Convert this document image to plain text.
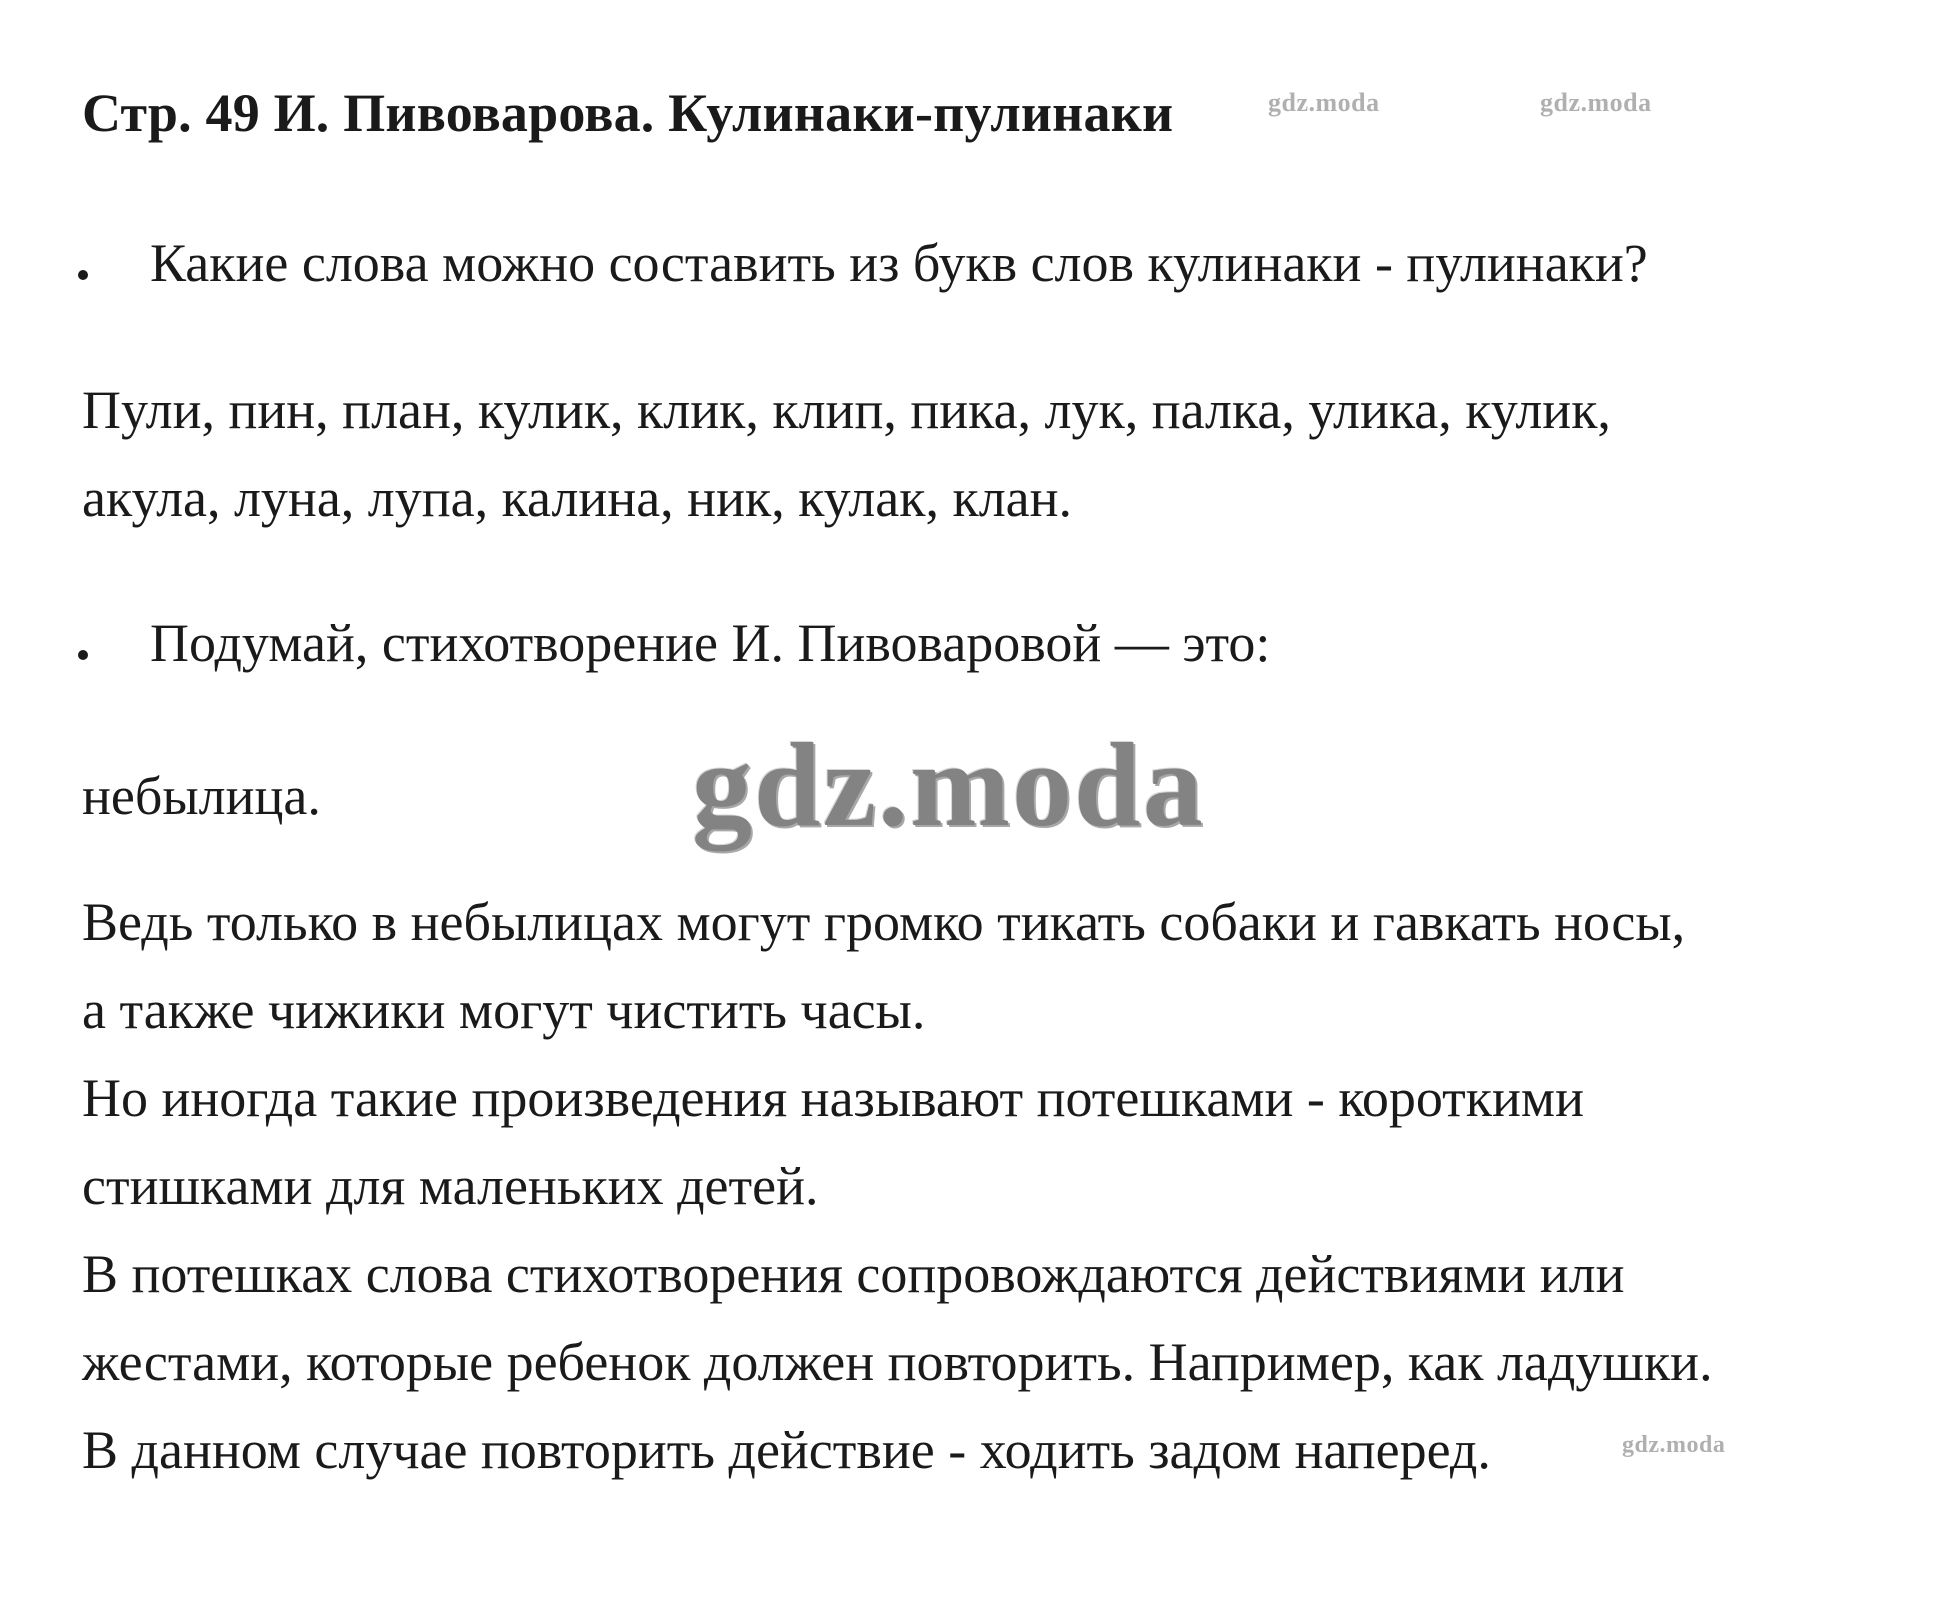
Стр. 49 И. Пивоварова. Кулинаки-пулинаки	gdz.moda	gdz.moda
Какие слова можно составить из букв слов кулинаки - пулинаки?
Пули, пин, план, кулик, клик, клип, пика, лук, палка, улика, кулик,
акула, луна, лупа, калина, ник, кулак, клан.
Подумай, стихотворение И. Пивоваровой — это:
небылица.	gdz.moda
Ведь только в небылицах могут громко тикать собаки и гавкать носы,
а также чижики могут чистить часы.
Но иногда такие произведения называют потешками - короткими
стишками для маленьких детей.
В потешках слова стихотворения сопровождаются действиями или
жестами, которые ребенок должен повторить. Например, как ладушки.
В данном случае повторить действие - ходить задом наперед.	gdz.moda
